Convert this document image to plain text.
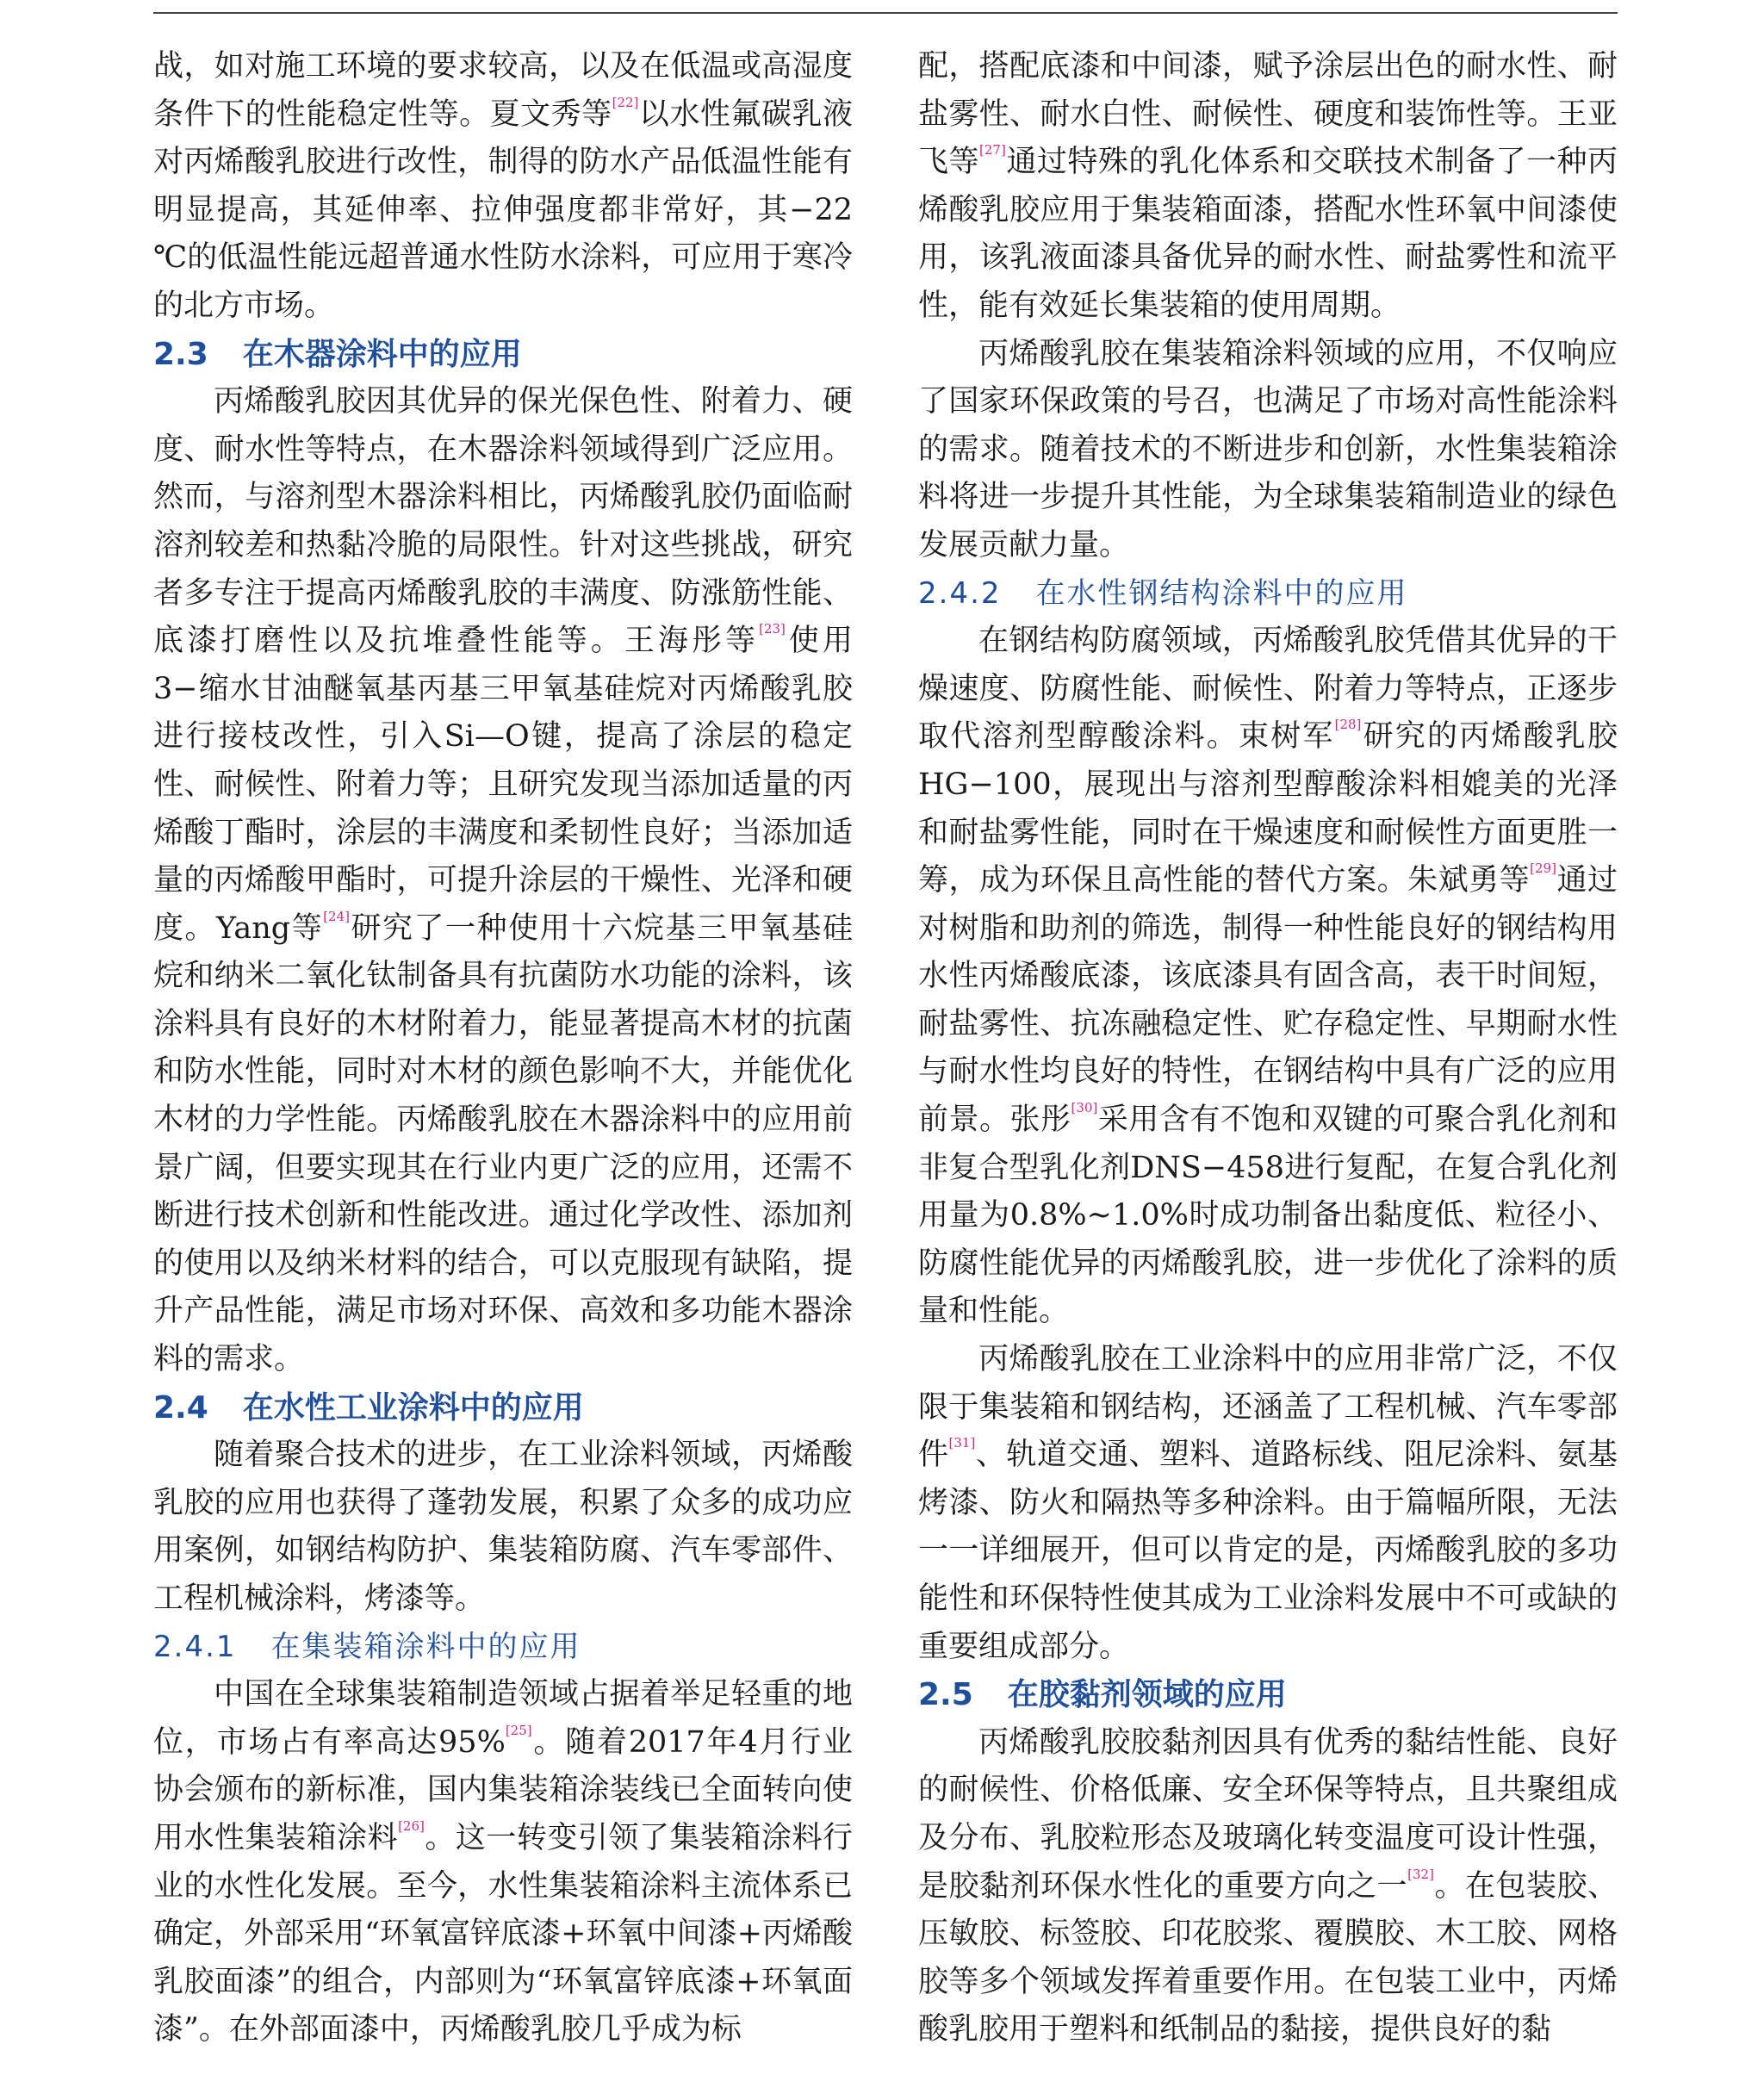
战，如对施工环境的要求较高，以及在低温或高湿度条件下的性能稳定性等。夏文秀等[22]以水性氟碳乳液对丙烯酸乳胶进行改性，制得的防水产品低温性能有明显提高，其延伸率、拉伸强度都非常好，其−22 ℃的低温性能远超普通水性防水涂料，可应用于寒冷的北方市场。

2.3 在木器涂料中的应用

丙烯酸乳胶因其优异的保光保色性、附着力、硬度、耐水性等特点，在木器涂料领域得到广泛应用。然而，与溶剂型木器涂料相比，丙烯酸乳胶仍面临耐溶剂较差和热黏冷脆的局限性。针对这些挑战，研究者多专注于提高丙烯酸乳胶的丰满度、防涨筋性能、底漆打磨性以及抗堆叠性能等。王海彤等[23]使用3−缩水甘油醚氧基丙基三甲氧基硅烷对丙烯酸乳胶进行接枝改性，引入Si—O键，提高了涂层的稳定性、耐候性、附着力等；且研究发现当添加适量的丙烯酸丁酯时，涂层的丰满度和柔韧性良好；当添加适量的丙烯酸甲酯时，可提升涂层的干燥性、光泽和硬度。Yang等[24]研究了一种使用十六烷基三甲氧基硅烷和纳米二氧化钛制备具有抗菌防水功能的涂料，该涂料具有良好的木材附着力，能显著提高木材的抗菌和防水性能，同时对木材的颜色影响不大，并能优化木材的力学性能。丙烯酸乳胶在木器涂料中的应用前景广阔，但要实现其在行业内更广泛的应用，还需不断进行技术创新和性能改进。通过化学改性、添加剂的使用以及纳米材料的结合，可以克服现有缺陷，提升产品性能，满足市场对环保、高效和多功能木器涂料的需求。

2.4 在水性工业涂料中的应用

随着聚合技术的进步，在工业涂料领域，丙烯酸乳胶的应用也获得了蓬勃发展，积累了众多的成功应用案例，如钢结构防护、集装箱防腐、汽车零部件、工程机械涂料，烤漆等。

2.4.1 在集装箱涂料中的应用

中国在全球集装箱制造领域占据着举足轻重的地位，市场占有率高达95%[25]。随着2017年4月行业协会颁布的新标准，国内集装箱涂装线已全面转向使用水性集装箱涂料[26]。这一转变引领了集装箱涂料行业的水性化发展。至今，水性集装箱涂料主流体系已确定，外部采用“环氧富锌底漆+环氧中间漆+丙烯酸乳胶面漆”的组合，内部则为“环氧富锌底漆+环氧面漆”。在外部面漆中，丙烯酸乳胶几乎成为标

配，搭配底漆和中间漆，赋予涂层出色的耐水性、耐盐雾性、耐水白性、耐候性、硬度和装饰性等。王亚飞等[27]通过特殊的乳化体系和交联技术制备了一种丙烯酸乳胶应用于集装箱面漆，搭配水性环氧中间漆使用，该乳液面漆具备优异的耐水性、耐盐雾性和流平性，能有效延长集装箱的使用周期。

丙烯酸乳胶在集装箱涂料领域的应用，不仅响应了国家环保政策的号召，也满足了市场对高性能涂料的需求。随着技术的不断进步和创新，水性集装箱涂料将进一步提升其性能，为全球集装箱制造业的绿色发展贡献力量。

2.4.2 在水性钢结构涂料中的应用

在钢结构防腐领域，丙烯酸乳胶凭借其优异的干燥速度、防腐性能、耐候性、附着力等特点，正逐步取代溶剂型醇酸涂料。束树军[28]研究的丙烯酸乳胶HG−100，展现出与溶剂型醇酸涂料相媲美的光泽和耐盐雾性能，同时在干燥速度和耐候性方面更胜一筹，成为环保且高性能的替代方案。朱斌勇等[29]通过对树脂和助剂的筛选，制得一种性能良好的钢结构用水性丙烯酸底漆，该底漆具有固含高，表干时间短，耐盐雾性、抗冻融稳定性、贮存稳定性、早期耐水性与耐水性均良好的特性，在钢结构中具有广泛的应用前景。张彤[30]采用含有不饱和双键的可聚合乳化剂和非复合型乳化剂DNS−458进行复配，在复合乳化剂用量为0.8%~1.0%时成功制备出黏度低、粒径小、防腐性能优异的丙烯酸乳胶，进一步优化了涂料的质量和性能。

丙烯酸乳胶在工业涂料中的应用非常广泛，不仅限于集装箱和钢结构，还涵盖了工程机械、汽车零部件[31]、轨道交通、塑料、道路标线、阻尼涂料、氨基烤漆、防火和隔热等多种涂料。由于篇幅所限，无法一一详细展开，但可以肯定的是，丙烯酸乳胶的多功能性和环保特性使其成为工业涂料发展中不可或缺的重要组成部分。

2.5 在胶黏剂领域的应用

丙烯酸乳胶胶黏剂因具有优秀的黏结性能、良好的耐候性、价格低廉、安全环保等特点，且共聚组成及分布、乳胶粒形态及玻璃化转变温度可设计性强，是胶黏剂环保水性化的重要方向之一[32]。在包装胶、压敏胶、标签胶、印花胶浆、覆膜胶、木工胶、网格胶等多个领域发挥着重要作用。在包装工业中，丙烯酸乳胶用于塑料和纸制品的黏接，提供良好的黏
